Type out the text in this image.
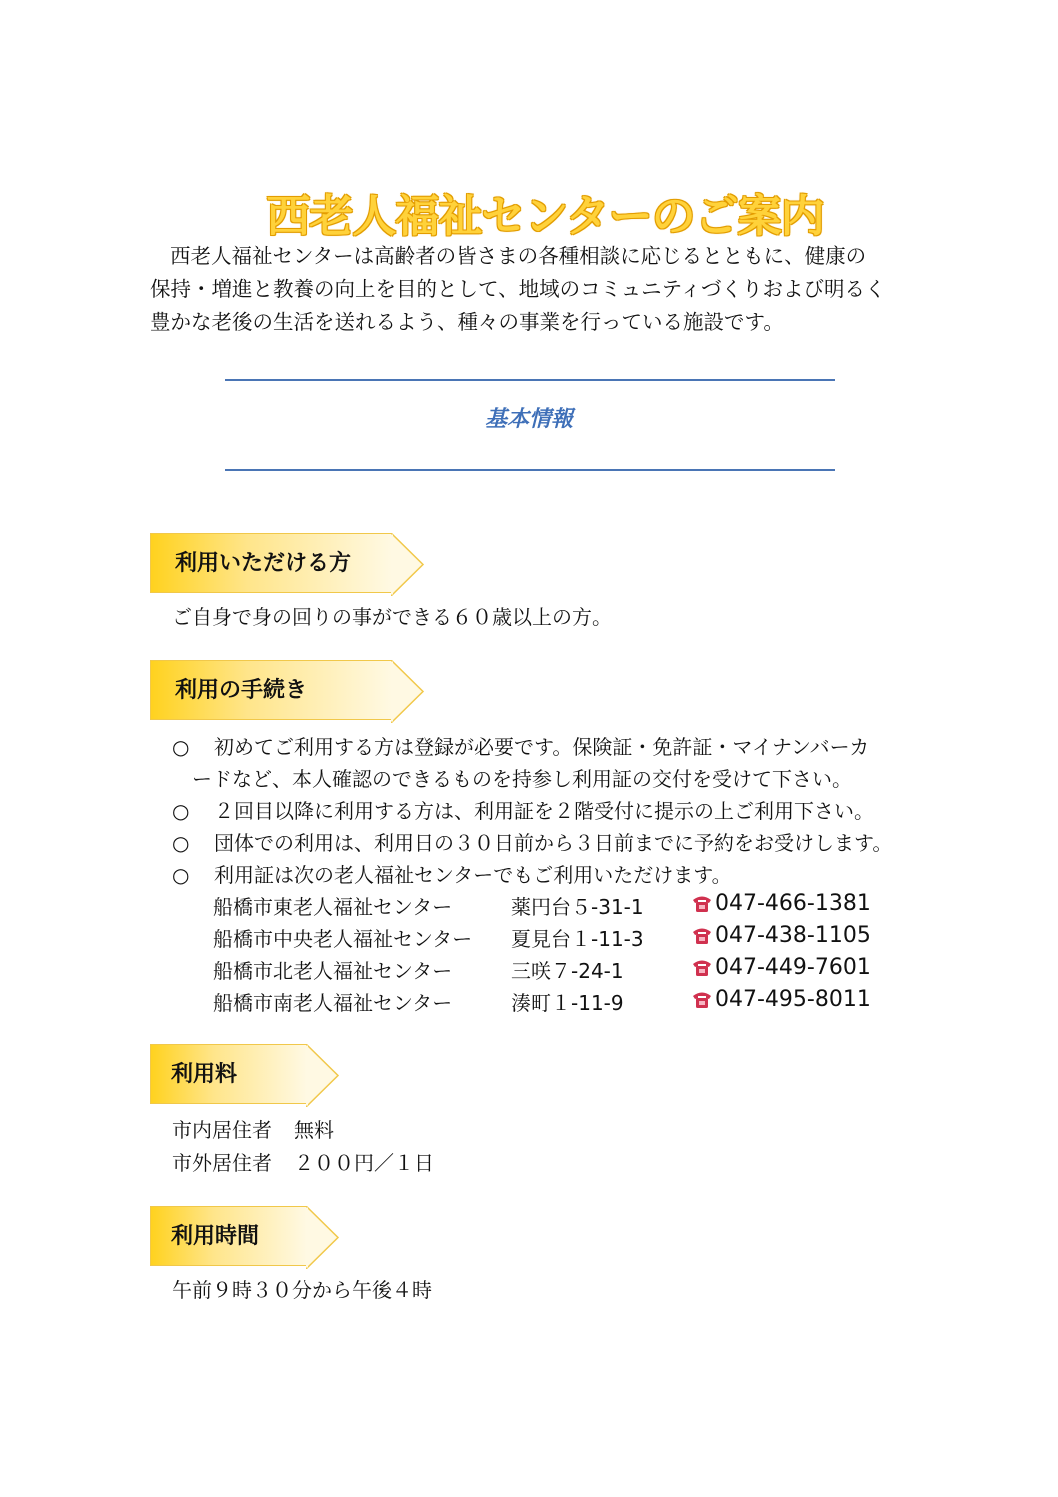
西老人福祉センターのご案内
西老人福祉センターは高齢者の皆さまの各種相談に応じるとともに、健康の
保持・増進と教養の向上を目的として、地域のコミュニティづくりおよび明るく
豊かな老後の生活を送れるよう、種々の事業を行っている施設です。
基本情報
利用いただける方
ご自身で身の回りの事ができる６０歳以上の方。
利用の手続き
○ 初めてご利用する方は登録が必要です。保険証・免許証・マイナンバーカ
ードなど、本人確認のできるものを持参し利用証の交付を受けて下さい。
○ ２回目以降に利用する方は、利用証を２階受付に提示の上ご利用下さい。
○ 団体での利用は、利用日の３０日前から３日前までに予約をお受けします。
○ 利用証は次の老人福祉センターでもご利用いただけます。
船橋市東老人福祉センター	薬円台５-31-1	047-466-1381
船橋市中央老人福祉センター 夏見台１-11-3	047-438-1105
船橋市北老人福祉センター	三咲７-24-1	047-449-7601
船橋市南老人福祉センター	湊町１-11-9	047-495-8011
利用料
市内居住者 無料
市外居住者 ２００円／１日
利用時間
午前９時３０分から午後４時
